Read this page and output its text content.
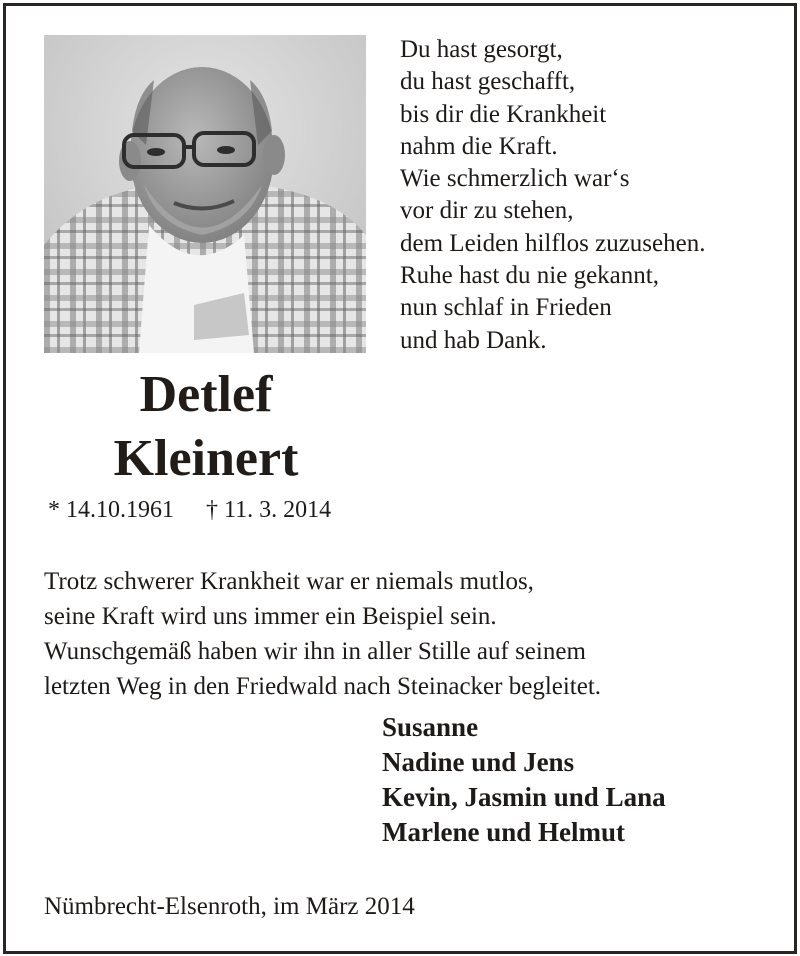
Du hast gesorgt,
du hast geschafft,
bis dir die Krankheit
nahm die Kraft.
Wie schmerzlich war‘s
vor dir zu stehen,
dem Leiden hilflos zuzusehen.
Ruhe hast du nie gekannt,
nun schlaf in Frieden
und hab Dank.
Detlef
Kleinert
* 14.10.1961 † 11. 3. 2014
Trotz schwerer Krankheit war er niemals mutlos,
seine Kraft wird uns immer ein Beispiel sein.
Wunschgemäß haben wir ihn in aller Stille auf seinem
letzten Weg in den Friedwald nach Steinacker begleitet.
Susanne
Nadine und Jens
Kevin, Jasmin und Lana
Marlene und Helmut
Nümbrecht-Elsenroth, im März 2014
